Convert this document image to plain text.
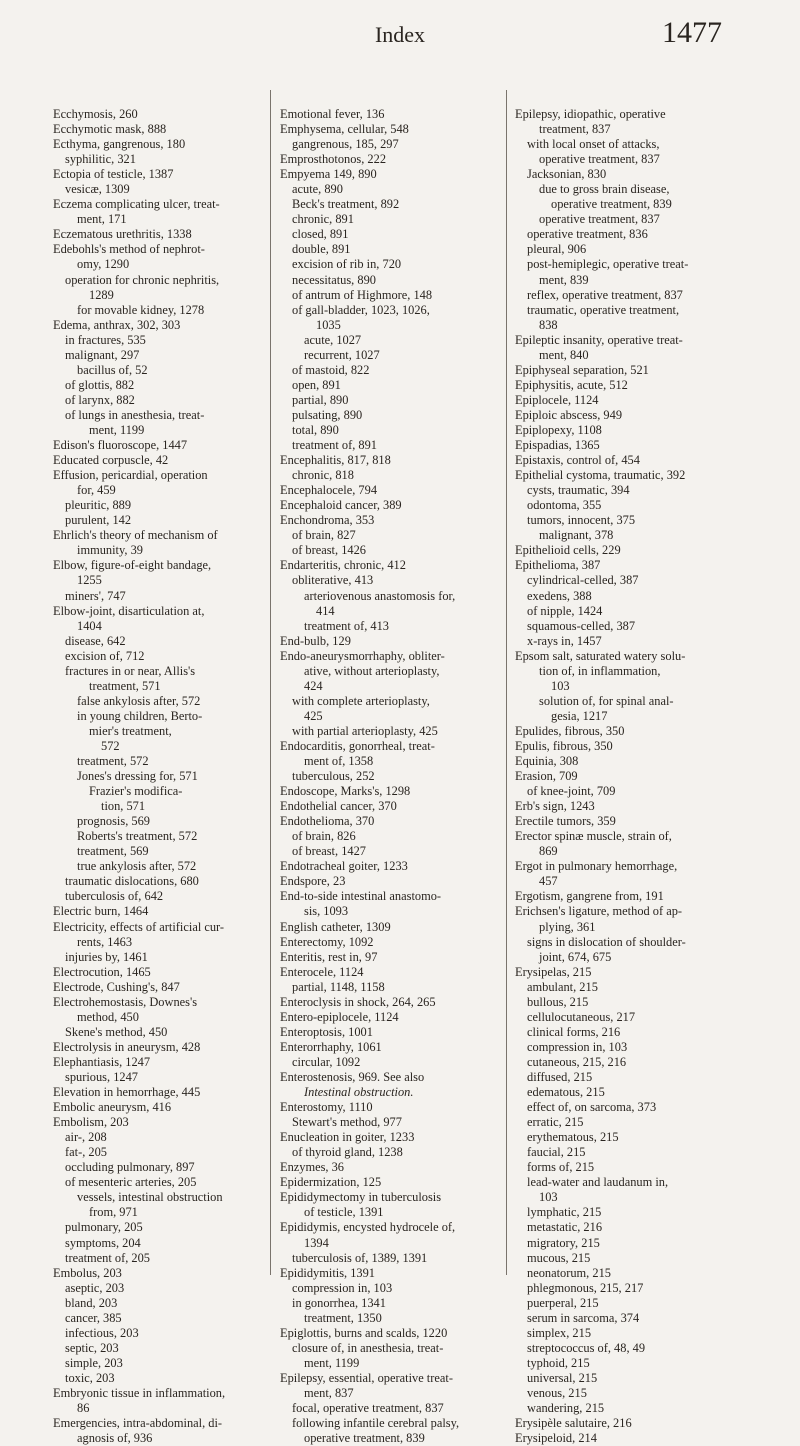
Index	1477
Ecchymosis, 260
Ecchymotic mask, 888
Ecthyma, gangrenous, 180
syphilitic, 321
Ectopia of testicle, 1387
vesicæ, 1309
Eczema complicating ulcer, treat-
ment, 171
Eczematous urethritis, 1338
Edebohls's method of nephrot-
omy, 1290
operation for chronic nephritis,
1289
for movable kidney, 1278
Edema, anthrax, 302, 303
in fractures, 535
malignant, 297
bacillus of, 52
of glottis, 882
of larynx, 882
of lungs in anesthesia, treat-
ment, 1199
Edison's fluoroscope, 1447
Educated corpuscle, 42
Effusion, pericardial, operation
for, 459
pleuritic, 889
purulent, 142
Ehrlich's theory of mechanism of
immunity, 39
Elbow, figure-of-eight bandage,
1255
miners', 747
Elbow-joint, disarticulation at,
1404
disease, 642
excision of, 712
fractures in or near, Allis's
treatment, 571
false ankylosis after, 572
in young children, Berto-
mier's treatment,
572
treatment, 572
Jones's dressing for, 571
Frazier's modifica-
tion, 571
prognosis, 569
Roberts's treatment, 572
treatment, 569
true ankylosis after, 572
traumatic dislocations, 680
tuberculosis of, 642
Electric burn, 1464
Electricity, effects of artificial cur-
rents, 1463
injuries by, 1461
Electrocution, 1465
Electrode, Cushing's, 847
Electrohemostasis, Downes's
method, 450
Skene's method, 450
Electrolysis in aneurysm, 428
Elephantiasis, 1247
spurious, 1247
Elevation in hemorrhage, 445
Embolic aneurysm, 416
Embolism, 203
air-, 208
fat-, 205
occluding pulmonary, 897
of mesenteric arteries, 205
vessels, intestinal obstruction
from, 971
pulmonary, 205
symptoms, 204
treatment of, 205
Embolus, 203
aseptic, 203
bland, 203
cancer, 385
infectious, 203
septic, 203
simple, 203
toxic, 203
Embryonic tissue in inflammation,
86
Emergencies, intra-abdominal, di-
agnosis of, 936
Emotional fever, 136
Emphysema, cellular, 548
gangrenous, 185, 297
Emprosthotonos, 222
Empyema 149, 890
acute, 890
Beck's treatment, 892
chronic, 891
closed, 891
double, 891
excision of rib in, 720
necessitatus, 890
of antrum of Highmore, 148
of gall-bladder, 1023, 1026,
1035
acute, 1027
recurrent, 1027
of mastoid, 822
open, 891
partial, 890
pulsating, 890
total, 890
treatment of, 891
Encephalitis, 817, 818
chronic, 818
Encephalocele, 794
Encephaloid cancer, 389
Enchondroma, 353
of brain, 827
of breast, 1426
Endarteritis, chronic, 412
obliterative, 413
arteriovenous anastomosis for,
414
treatment of, 413
End-bulb, 129
Endo-aneurysmorrhaphy, obliter-
ative, without arterioplasty,
424
with complete arterioplasty,
425
with partial arterioplasty, 425
Endocarditis, gonorrheal, treat-
ment of, 1358
tuberculous, 252
Endoscope, Marks's, 1298
Endothelial cancer, 370
Endothelioma, 370
of brain, 826
of breast, 1427
Endotracheal goiter, 1233
Endspore, 23
End-to-side intestinal anastomo-
sis, 1093
English catheter, 1309
Enterectomy, 1092
Enteritis, rest in, 97
Enterocele, 1124
partial, 1148, 1158
Enteroclysis in shock, 264, 265
Entero-epiplocele, 1124
Enteroptosis, 1001
Enterorrhaphy, 1061
circular, 1092
Enterostenosis, 969. See also
Intestinal obstruction.
Enterostomy, 1110
Stewart's method, 977
Enucleation in goiter, 1233
of thyroid gland, 1238
Enzymes, 36
Epidermization, 125
Epididymectomy in tuberculosis
of testicle, 1391
Epididymis, encysted hydrocele of,
1394
tuberculosis of, 1389, 1391
Epididymitis, 1391
compression in, 103
in gonorrhea, 1341
treatment, 1350
Epiglottis, burns and scalds, 1220
closure of, in anesthesia, treat-
ment, 1199
Epilepsy, essential, operative treat-
ment, 837
focal, operative treatment, 837
following infantile cerebral palsy,
operative treatment, 839
Epilepsy, idiopathic, operative
treatment, 837
with local onset of attacks,
operative treatment, 837
Jacksonian, 830
due to gross brain disease,
operative treatment, 839
operative treatment, 837
operative treatment, 836
pleural, 906
post-hemiplegic, operative treat-
ment, 839
reflex, operative treatment, 837
traumatic, operative treatment,
838
Epileptic insanity, operative treat-
ment, 840
Epiphyseal separation, 521
Epiphysitis, acute, 512
Epiplocele, 1124
Epiploic abscess, 949
Epiplopexy, 1108
Epispadias, 1365
Epistaxis, control of, 454
Epithelial cystoma, traumatic, 392
cysts, traumatic, 394
odontoma, 355
tumors, innocent, 375
malignant, 378
Epithelioid cells, 229
Epithelioma, 387
cylindrical-celled, 387
exedens, 388
of nipple, 1424
squamous-celled, 387
x-rays in, 1457
Epsom salt, saturated watery solu-
tion of, in inflammation,
103
solution of, for spinal anal-
gesia, 1217
Epulides, fibrous, 350
Epulis, fibrous, 350
Equinia, 308
Erasion, 709
of knee-joint, 709
Erb's sign, 1243
Erectile tumors, 359
Erector spinæ muscle, strain of,
869
Ergot in pulmonary hemorrhage,
457
Ergotism, gangrene from, 191
Erichsen's ligature, method of ap-
plying, 361
signs in dislocation of shoulder-
joint, 674, 675
Erysipelas, 215
ambulant, 215
bullous, 215
cellulocutaneous, 217
clinical forms, 216
compression in, 103
cutaneous, 215, 216
diffused, 215
edematous, 215
effect of, on sarcoma, 373
erratic, 215
erythematous, 215
faucial, 215
forms of, 215
lead-water and laudanum in,
103
lymphatic, 215
metastatic, 216
migratory, 215
mucous, 215
neonatorum, 215
phlegmonous, 215, 217
puerperal, 215
serum in sarcoma, 374
simplex, 215
streptococcus of, 48, 49
typhoid, 215
universal, 215
venous, 215
wandering, 215
Erysipèle salutaire, 216
Erysipeloid, 214
